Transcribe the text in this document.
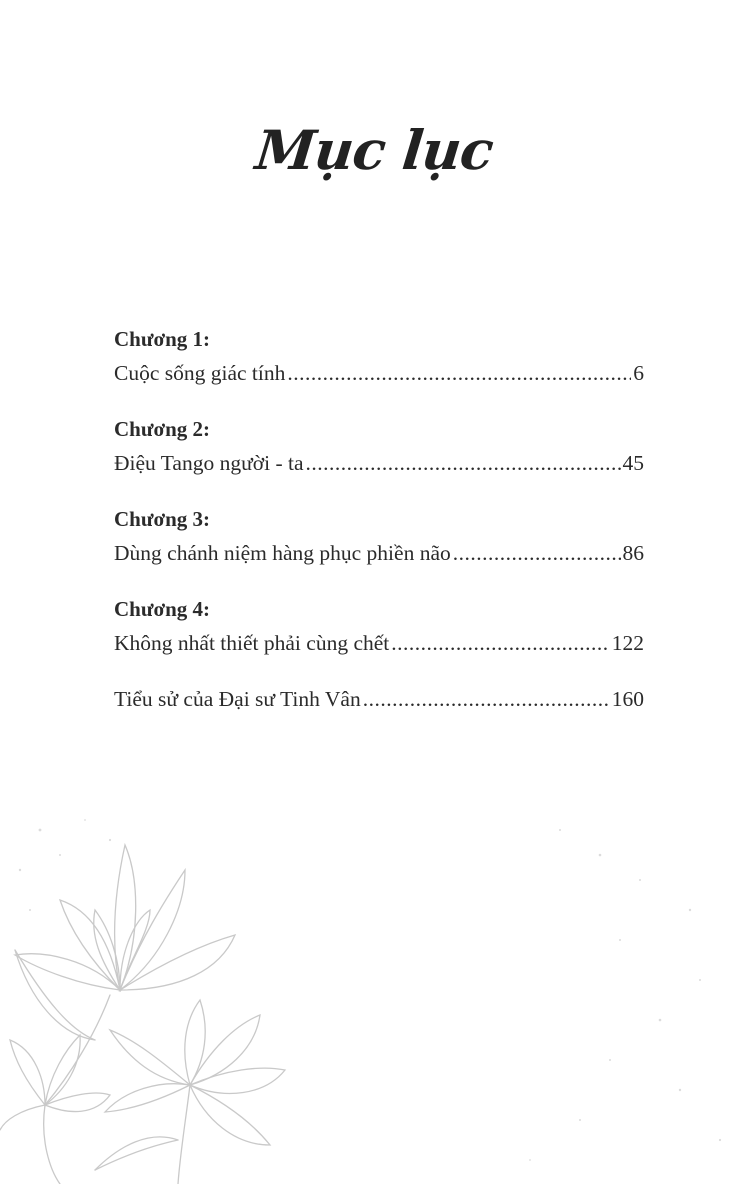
Mục lục
Chương 1:
Cuộc sống giác tính .....	6
Chương 2:
Điệu Tango người - ta .....	45
Chương 3:
Dùng chánh niệm hàng phục phiền não .....	86
Chương 4:
Không nhất thiết phải cùng chết .....	122
Tiểu sử của Đại sư Tinh Vân .....	160
